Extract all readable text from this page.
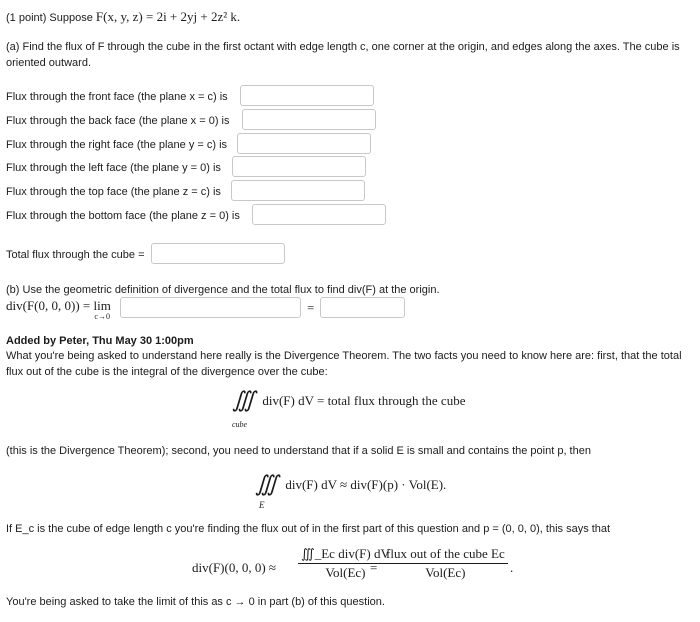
(1 point) Suppose F(x, y, z) = 2i + 2yj + 2z² k.
(a) Find the flux of F through the cube in the first octant with edge length c, one corner at the origin, and edges along the axes. The cube is oriented outward.
Flux through the front face (the plane x = c) is
Flux through the back face (the plane x = 0) is
Flux through the right face (the plane y = c) is
Flux through the left face (the plane y = 0) is
Flux through the top face (the plane z = c) is
Flux through the bottom face (the plane z = 0) is
Total flux through the cube =
(b) Use the geometric definition of divergence and the total flux to find div(F) at the origin.
div(F(0, 0, 0)) = lim
c→0
=
Added by Peter, Thu May 30 1:00pm
What you're being asked to understand here really is the Divergence Theorem. The two facts you need to know here are: first, that the total flux out of the cube is the integral of the divergence over the cube:
∭ div(F) dV = total flux through the cube
cube
(this is the Divergence Theorem); second, you need to understand that if a solid E is small and contains the point p, then
∭ div(F) dV ≈ div(F)(p) · Vol(E).
E
If E_c is the cube of edge length c you're finding the flux out of in the first part of this question and p = (0, 0, 0), this says that
div(F)(0, 0, $0) \approx \frac{\text{∭\_Ec div(F) dV}}{\text{Vol(Ec)}}$
= $\frac{\text{flux out of the cube Ec}}{\text{Vol(Ec)}}$ .
You're being asked to take the limit of this as c → 0 in part (b) of this question.
